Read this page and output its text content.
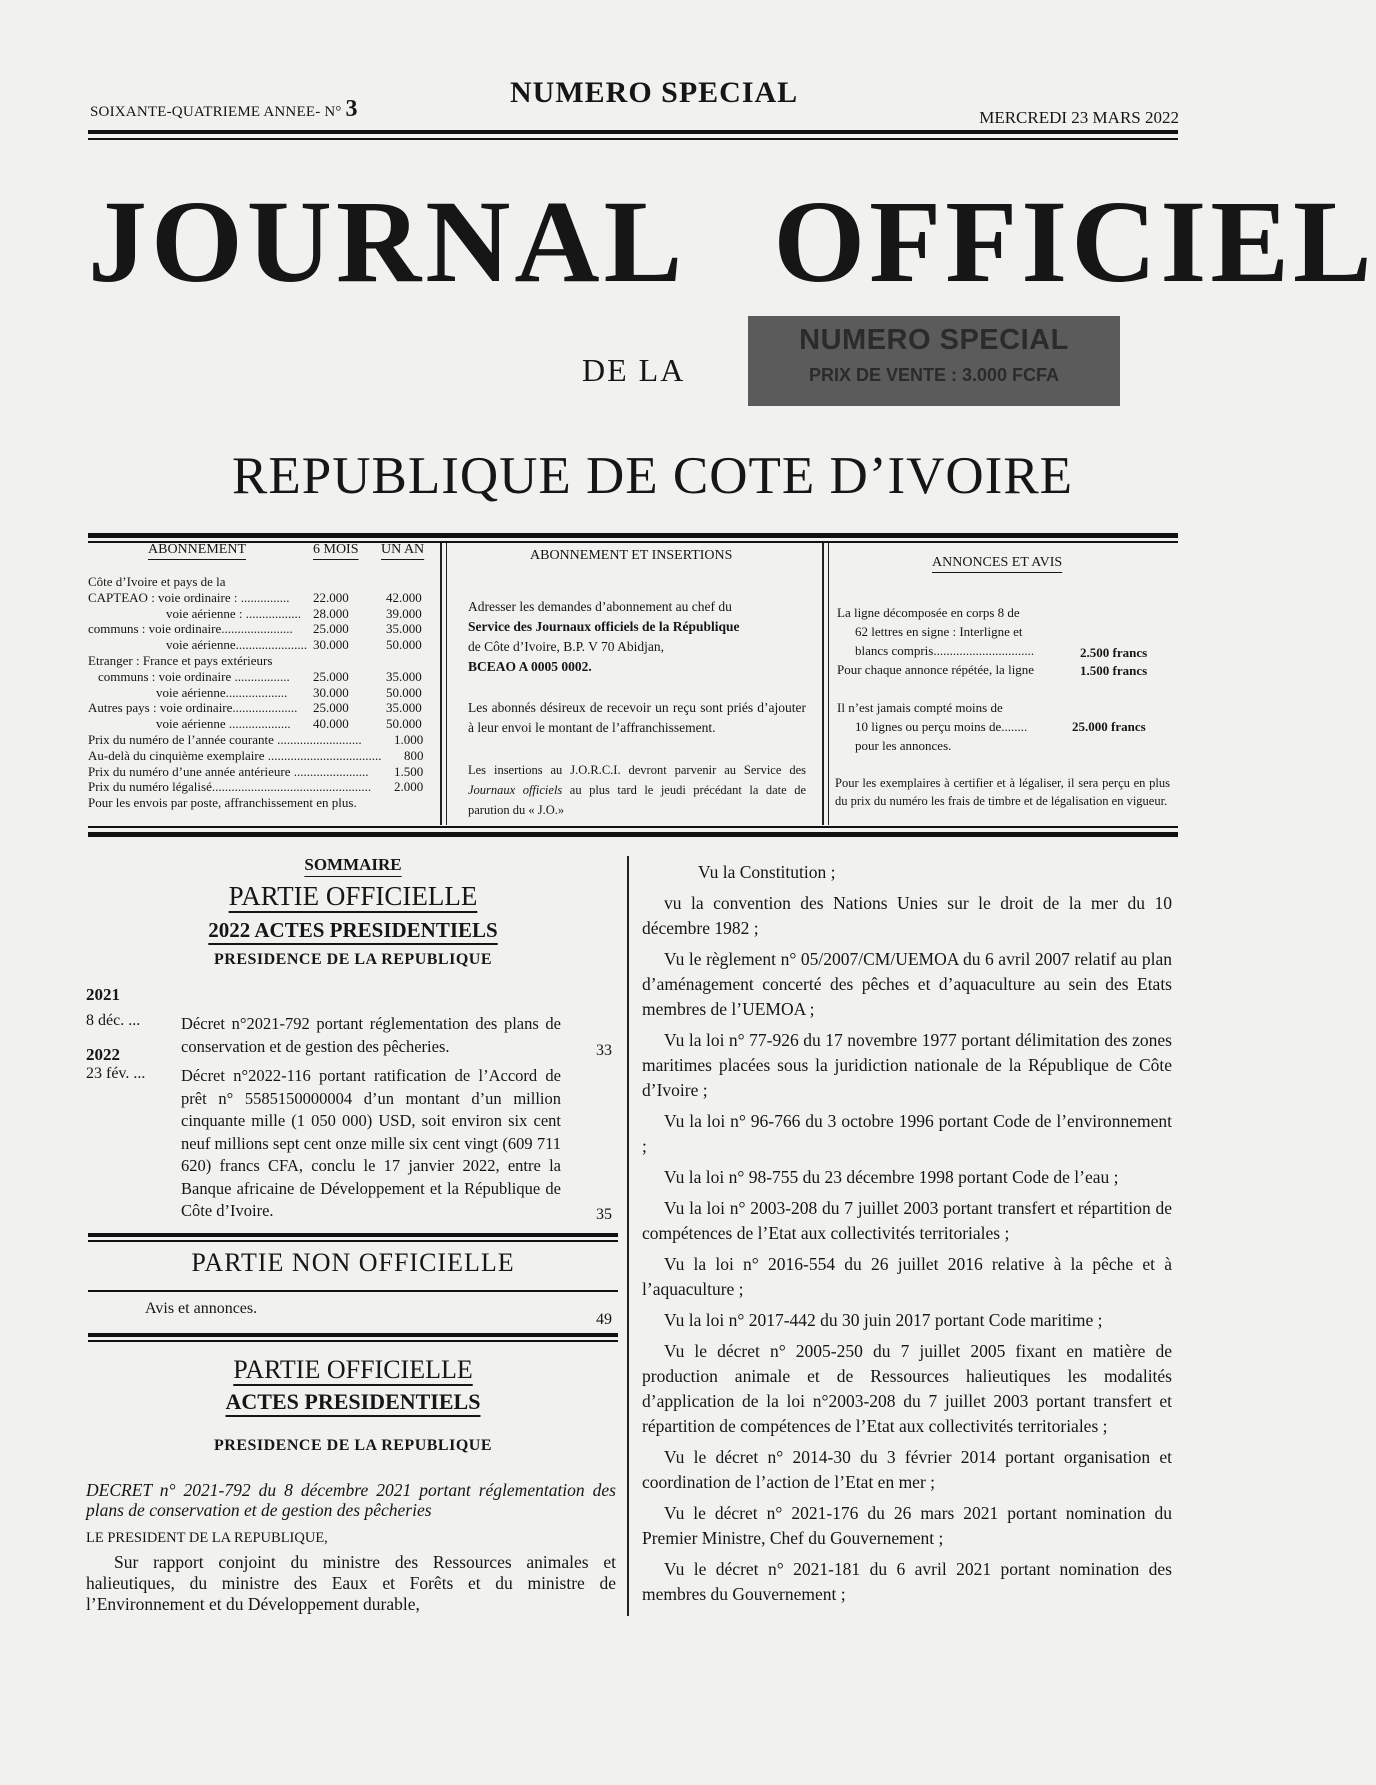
SOIXANTE-QUATRIEME ANNEE- N° 3	NUMERO SPECIAL
MERCREDI 23 MARS 2022
JOURNAL OFFICIEL
NUMERO SPECIAL
PRIX DE VENTE : 3.000 FCFA
DE LA
REPUBLIQUE DE COTE D’IVOIRE
ABONNEMENT	6 MOIS UN AN
Côte d’Ivoire et pays de la
CAPTEAO : voie ordinaire : ............... 22.000	42.000
voie aérienne : ................. 28.000	39.000
communs : voie ordinaire...................... 25.000	35.000
voie aérienne...................... 30.000	50.000
Etranger : France et pays extérieurs
communs : voie ordinaire ................. 25.000	35.000
voie aérienne................... 30.000	50.000
Autres pays : voie ordinaire.................... 25.000	35.000
voie aérienne ................... 40.000	50.000
Prix du numéro de l’année courante .......................... 1.000
Au-delà du cinquième exemplaire ................................... 800
Prix du numéro d’une année antérieure ....................... 1.500
Prix du numéro légalisé................................................. 2.000
Pour les envois par poste, affranchissement en plus.
ABONNEMENT ET INSERTIONS
Adresser les demandes d’abonnement au chef du
Service des Journaux officiels de la République
de Côte d’Ivoire, B.P. V 70 Abidjan,
BCEAO A 0005 0002.
Les abonnés désireux de recevoir un reçu sont priés d’ajouter à leur envoi le montant de l’affranchissement.
Les insertions au J.O.R.C.I. devront parvenir au Service des Journaux officiels au plus tard le jeudi précédant la date de parution du « J.O.»
ANNONCES ET AVIS
La ligne décomposée en corps 8 de
62 lettres en signe : Interligne et
blancs compris...............................	2.500 francs
Pour chaque annonce répétée, la ligne	1.500 francs
Il n’est jamais compté moins de
10 lignes ou perçu moins de........	25.000 francs
pour les annonces.
Pour les exemplaires à certifier et à légaliser, il sera perçu en plus du prix du numéro les frais de timbre et de légalisation en vigueur.
SOMMAIRE
PARTIE OFFICIELLE
2022 ACTES PRESIDENTIELS
PRESIDENCE DE LA REPUBLIQUE
2021
8 déc. ... Décret n°2021-792 portant réglementation des plans de conservation et de gestion des pêcheries.	33
2022
23 fév. ... Décret n°2022-116 portant ratification de l’Accord de prêt n° 5585150000004 d’un montant d’un million cinquante mille (1 050 000) USD, soit environ six cent neuf millions sept cent onze mille six cent vingt (609 711 620) francs CFA, conclu le 17 janvier 2022, entre la Banque africaine de Développement et la République de Côte d’Ivoire.	35
PARTIE NON OFFICIELLE
Avis et annonces.
49
PARTIE OFFICIELLE
ACTES PRESIDENTIELS
PRESIDENCE DE LA REPUBLIQUE
DECRET n° 2021-792 du 8 décembre 2021 portant réglementation des plans de conservation et de gestion des pêcheries
LE PRESIDENT DE LA REPUBLIQUE,
Sur rapport conjoint du ministre des Ressources animales et halieutiques, du ministre des Eaux et Forêts et du ministre de l’Environnement et du Développement durable,

Vu la Constitution ;

vu la convention des Nations Unies sur le droit de la mer du 10 décembre 1982 ;

Vu le règlement n° 05/2007/CM/UEMOA du 6 avril 2007 relatif au plan d’aménagement concerté des pêches et d’aquaculture au sein des Etats membres de l’UEMOA ;

Vu la loi n° 77-926 du 17 novembre 1977 portant délimitation des zones maritimes placées sous la juridiction nationale de la République de Côte d’Ivoire ;

Vu la loi n° 96-766 du 3 octobre 1996 portant Code de l’environnement ;

Vu la loi n° 98-755 du 23 décembre 1998 portant Code de l’eau ;

Vu la loi n° 2003-208 du 7 juillet 2003 portant transfert et répartition de compétences de l’Etat aux collectivités territoriales ;

Vu la loi n° 2016-554 du 26 juillet 2016 relative à la pêche et à l’aquaculture ;

Vu la loi n° 2017-442 du 30 juin 2017 portant Code maritime ;

Vu le décret n° 2005-250 du 7 juillet 2005 fixant en matière de production animale et de Ressources halieutiques les modalités d’application de la loi n°2003-208 du 7 juillet 2003 portant transfert et répartition de compétences de l’Etat aux collectivités territoriales ;

Vu le décret n° 2014-30 du 3 février 2014 portant organisation et coordination de l’action de l’Etat en mer ;

Vu le décret n° 2021-176 du 26 mars 2021 portant nomination du Premier Ministre, Chef du Gouvernement ;

Vu le décret n° 2021-181 du 6 avril 2021 portant nomination des membres du Gouvernement ;
